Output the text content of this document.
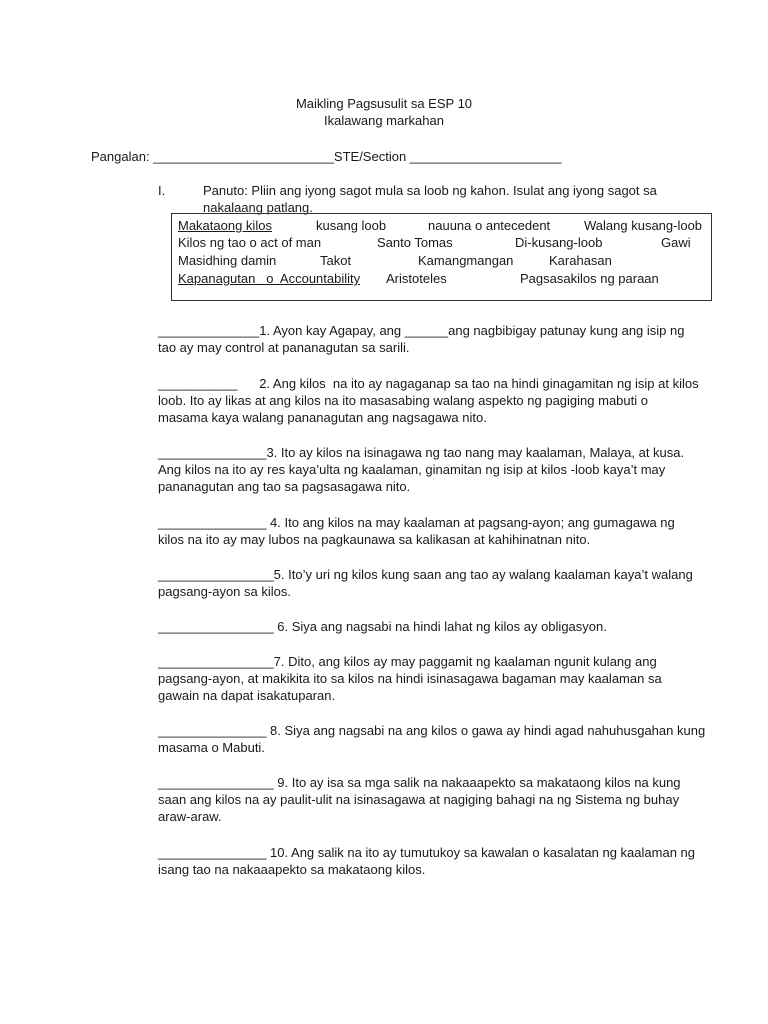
Maikling Pagsusulit sa ESP 10
Ikalawang markahan
Pangalan: _________________________STE/Section _____________________
I.	Panuto: Pliin ang iyong sagot mula sa loob ng kahon. Isulat ang iyong sagot sa
nakalaang patlang.
Makataong kilos	kusang loob	nauuna o antecedent	Walang kusang-loob
Kilos ng tao o act of man	Santo Tomas	Di-kusang-loob	Gawi
Masidhing damin	Takot	Kamangmangan	Karahasan
Kapanagutan   o  Accountability Aristoteles	Pagsasakilos ng paraan
______________1. Ayon kay Agapay, ang ______ang nagbibigay patunay kung ang isip ng
tao ay may control at pananagutan sa sarili.
___________      2. Ang kilos  na ito ay nagaganap sa tao na hindi ginagamitan ng isip at kilos
loob. Ito ay likas at ang kilos na ito masasabing walang aspekto ng pagiging mabuti o
masama kaya walang pananagutan ang nagsagawa nito.
_______________3. Ito ay kilos na isinagawa ng tao nang may kaalaman, Malaya, at kusa.
Ang kilos na ito ay res kaya’ulta ng kaalaman, ginamitan ng isip at kilos -loob kaya’t may
pananagutan ang tao sa pagsasagawa nito.
_______________ 4. Ito ang kilos na may kaalaman at pagsang-ayon; ang gumagawa ng
kilos na ito ay may lubos na pagkaunawa sa kalikasan at kahihinatnan nito.
________________5. Ito’y uri ng kilos kung saan ang tao ay walang kaalaman kaya’t walang
pagsang-ayon sa kilos.
________________ 6. Siya ang nagsabi na hindi lahat ng kilos ay obligasyon.
________________7. Dito, ang kilos ay may paggamit ng kaalaman ngunit kulang ang
pagsang-ayon, at makikita ito sa kilos na hindi isinasagawa bagaman may kaalaman sa
gawain na dapat isakatuparan.
_______________ 8. Siya ang nagsabi na ang kilos o gawa ay hindi agad nahuhusgahan kung
masama o Mabuti.
________________ 9. Ito ay isa sa mga salik na nakaaapekto sa makataong kilos na kung
saan ang kilos na ay paulit-ulit na isinasagawa at nagiging bahagi na ng Sistema ng buhay
araw-araw.
_______________ 10. Ang salik na ito ay tumutukoy sa kawalan o kasalatan ng kaalaman ng
isang tao na nakaaapekto sa makataong kilos.
